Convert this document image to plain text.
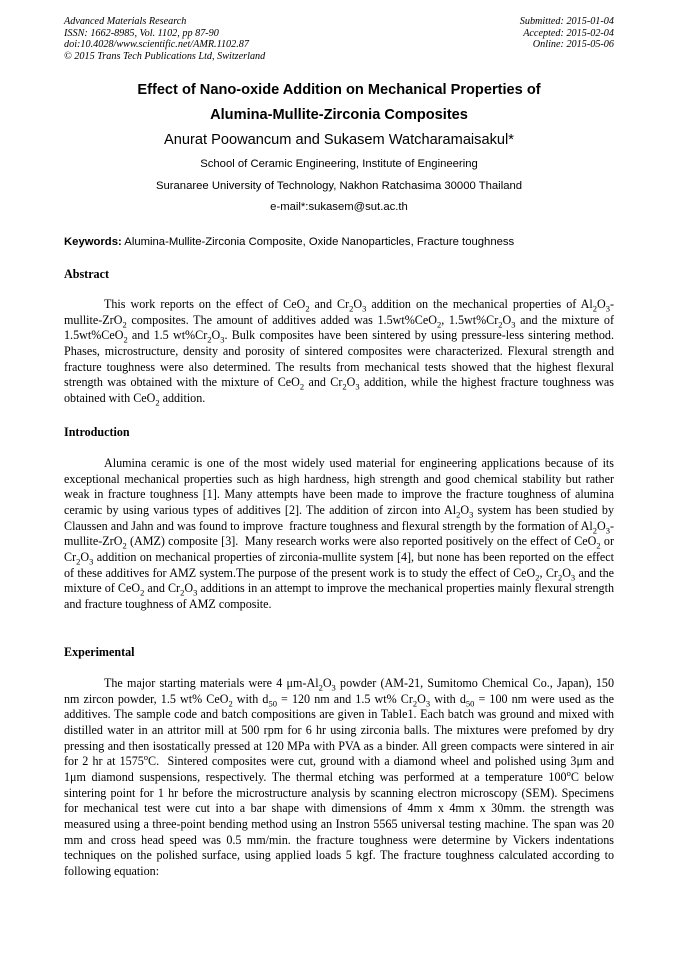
Advanced Materials Research
ISSN: 1662-8985, Vol. 1102, pp 87-90
doi:10.4028/www.scientific.net/AMR.1102.87
© 2015 Trans Tech Publications Ltd, Switzerland
Submitted: 2015-01-04
Accepted: 2015-02-04
Online: 2015-05-06
Effect of Nano-oxide Addition on Mechanical Properties of
Alumina-Mullite-Zirconia Composites
Anurat Poowancum and Sukasem Watcharamaisakul*
School of Ceramic Engineering, Institute of Engineering
Suranaree University of Technology, Nakhon Ratchasima 30000 Thailand
e-mail*:sukasem@sut.ac.th
Keywords: Alumina-Mullite-Zirconia Composite, Oxide Nanoparticles, Fracture toughness
Abstract
This work reports on the effect of CeO$_2$ and $Cr_2O_3$ addition on the mechanical properties of $Al_2O_3-mullite-ZrO_2$ composites. The amount of additives added was 1.5wt%CeO$_2$, $1.5wt\%Cr_2O_3$ and the mixture of 1.5wt%CeO$_2$ and 1.5 $wt\%Cr_2O_3$. Bulk composites have been sintered by using pressure-less sintering method. Phases, microstructure, density and porosity of sintered composites were characterized. Flexural strength and fracture toughness were also determined. The results from mechanical tests showed that the highest flexural strength was obtained with the mixture of CeO$_2$ and $Cr_2O_3$ addition, while the highest fracture toughness was obtained with CeO$_2$ addition.
Introduction
Alumina ceramic is one of the most widely used material for engineering applications because of its exceptional mechanical properties such as high hardness, high strength and good chemical stability but rather weak in fracture toughness [1]. Many attempts have been made to improve the fracture toughness of alumina ceramic by using various types of additives [2]. The addition of zircon into $Al_2O_3$ system has been studied by Claussen and Jahn and was found to improve  fracture toughness and flexural strength by the formation of $Al_2O_3-mullite-ZrO_2$ (AMZ) composite [3].  Many research works were also reported positively on the effect of CeO$_2$ or $Cr_2O_3$ addition on mechanical properties of zirconia-mullite system [4], but none has been reported on the effect of these additives for AMZ system.The purpose of the present work is to study the effect of CeO$_2$, $Cr_2O_3$ and the mixture of CeO$_2$ and $Cr_2O_3$ additions in an attempt to improve the mechanical properties mainly flexural strength and fracture toughness of AMZ composite.
Experimental
The major starting materials were 4 $\mu m-Al_2O_3$ powder (AM-21, Sumitomo Chemical Co., Japan), 150 nm zircon powder, 1.5 wt% CeO$_2$ with $d_{50} = 120$ nm and 1.5 wt% $Cr_2O_3$ with $d_{50} = 100$ nm were used as the additives. The sample code and batch compositions are given in Table1. Each batch was ground and mixed with distilled water in an attritor mill at 500 rpm for 6 hr using zirconia balls. The mixtures were prefomed by dry pressing and then isostatically pressed at 120 MPa with PVA as a binder. All green compacts were sintered in air for 2 hr at 1575$^o$C.  Sintered composites were cut, ground with a diamond wheel and polished using 3μm and 1μm diamond suspensions, respectively. The thermal etching was performed at a temperature 100$^o$C below sintering point for 1 hr before the microstructure analysis by scanning electron microscopy (SEM). Specimens for mechanical test were cut into a bar shape with dimensions of 4mm x 4mm x 30mm. the strength was measured using a three-point bending method using an Instron 5565 universal testing machine. The span was 20 mm and cross head speed was 0.5 mm/min. the fracture toughness were determine by Vickers indentations techniques on the polished surface, using applied loads 5 kgf. The fracture toughness calculated according to following equation:
